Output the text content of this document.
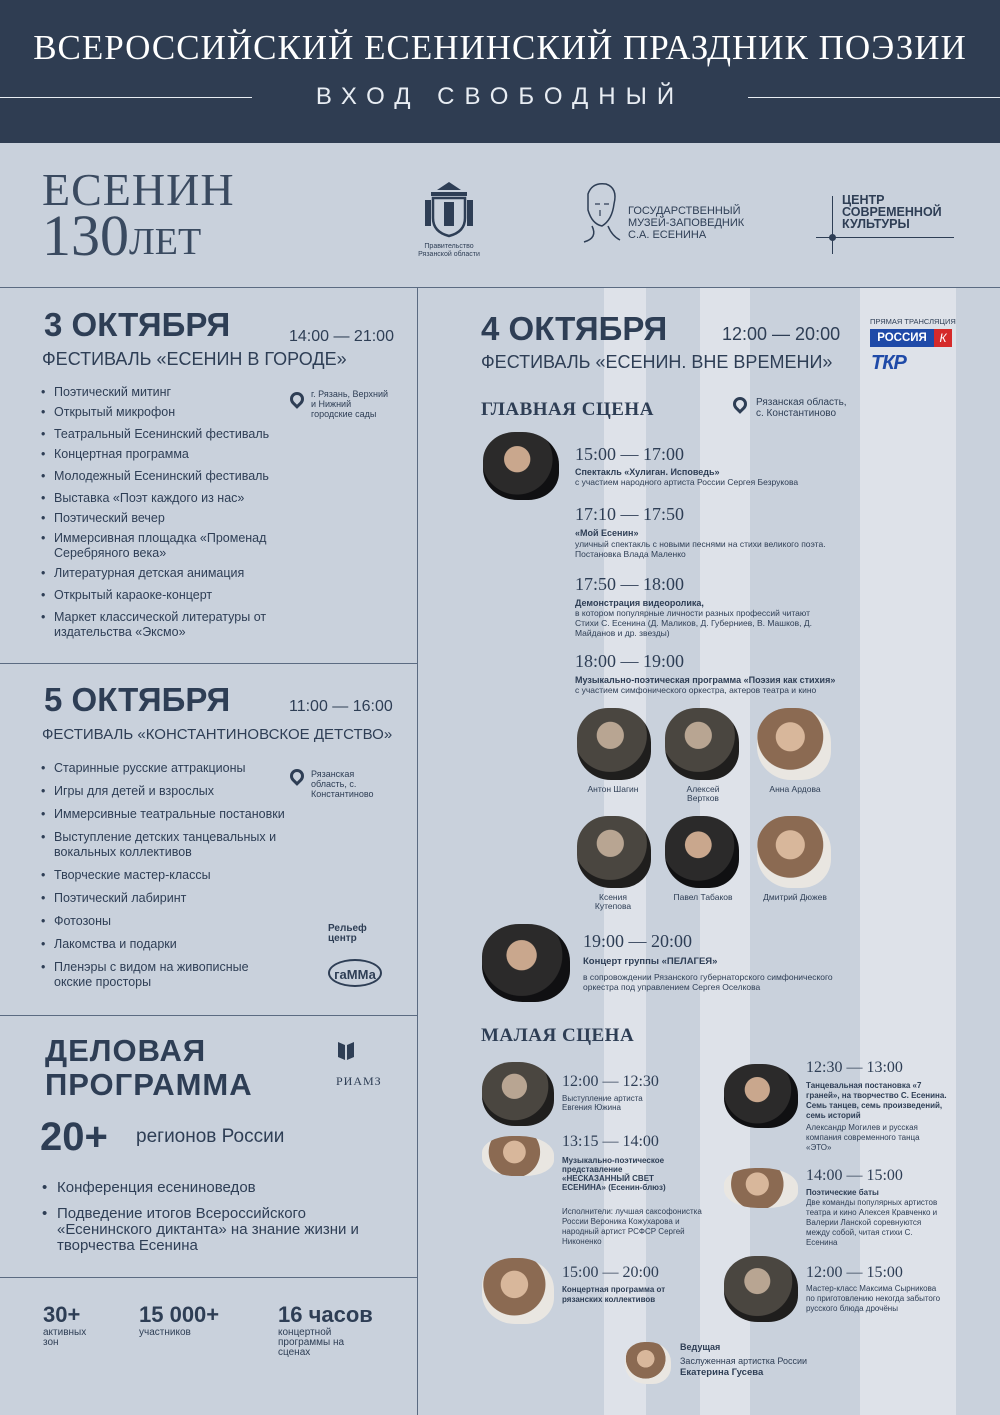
ВСЕРОССИЙСКИЙ ЕСЕНИНСКИЙ ПРАЗДНИК ПОЭЗИИ
ВХОД СВОБОДНЫЙ
ЕСЕНИН
130 ЛЕТ	Правительство Рязанской области
ГОСУДАРСТВЕННЫЙ
МУЗЕЙ-ЗАПОВЕДНИК
С.А. ЕСЕНИНА
ЦЕНТР
СОВРЕМЕННОЙ
КУЛЬТУРЫ
3 ОКТЯБРЯ	14:00 — 21:00
ФЕСТИВАЛЬ «ЕСЕНИН В ГОРОДЕ»
г. Рязань, Верхний и Нижний городские сады
• Поэтический митинг
• Открытый микрофон
• Театральный Есенинский фестиваль
• Концертная программа
• Молодежный Есенинский фестиваль
• Выставка «Поэт каждого из нас»
• Поэтический вечер
• Иммерсивная площадка «Променад Серебряного века»
• Литературная детская анимация
• Открытый караоке-концерт
• Маркет классической литературы от издательства «Эксмо»
5 ОКТЯБРЯ	11:00 — 16:00
ФЕСТИВАЛЬ «КОНСТАНТИНОВСКОЕ ДЕТСТВО»
Рязанская область, с. Константиново
• Старинные русские аттракционы
• Игры для детей и взрослых
• Иммерсивные театральные постановки
• Выступление детских танцевальных и вокальных коллективов
• Творческие мастер-классы
• Поэтический лабиринт
• Фотозоны
• Лакомства и подарки
• Пленэры с видом на живописные окские просторы
Рельеф центр
гаММа
ДЕЛОВАЯ
ПРОГРАММА	РИАМЗ
20+ регионов России
• Конференция есениноведов
• Подведение итогов Всероссийского «Есенинского диктанта» на знание жизни и творчества Есенина
30+
активных зон
15 000+
участников
16 часов
концертной программы на сценах
4 ОКТЯБРЯ	12:00 — 20:00
ФЕСТИВАЛЬ «ЕСЕНИН. ВНЕ ВРЕМЕНИ»
ПРЯМАЯ ТРАНСЛЯЦИЯ
РОССИЯ	К
ТКР
ГЛАВНАЯ СЦЕНА	Рязанская область, с. Константиново
15:00 — 17:00
Спектакль «Хулиган. Исповедь»
с участием народного артиста России Сергея Безрукова
17:10 — 17:50
«Мой Есенин»
уличный спектакль с новыми песнями на стихи великого поэта. Постановка Влада Маленко
17:50 — 18:00
Демонстрация видеоролика,
в котором популярные личности разных профессий читают Стихи С. Есенина (Д. Маликов, Д. Губерниев, В. Машков, Д. Майданов и др. звезды)
18:00 — 19:00
Музыкально-поэтическая программа «Поэзия как стихия»
с участием симфонического оркестра, актеров театра и кино
Антон Шагин	Алексей Вертков
Анна Ардова
Ксения Кутепова
Павел Табаков	Дмитрий Дюжев
19:00 — 20:00
Концерт группы «ПЕЛАГЕЯ»
в сопровождении Рязанского губернаторского симфонического оркестра под управлением Сергея Оселкова
МАЛАЯ СЦЕНА
12:00 — 12:30
Выступление артиста Евгения Южина
13:15 — 14:00
Музыкально-поэтическое представление «НЕСКАЗАННЫЙ СВЕТ ЕСЕНИНА» (Есенин-блюз)
Исполнители: лучшая саксофонистка России Вероника Кожухарова и народный артист РСФСР Сергей Никоненко
15:00 — 20:00
Концертная программа от рязанских коллективов
12:30 — 13:00
Танцевальная постановка «7 граней», на творчество С. Есенина. Семь танцев, семь произведений, семь историй
Александр Могилев и русская компания современного танца «ЭТО»
14:00 — 15:00
Поэтические баты
Две команды популярных артистов театра и кино Алексея Кравченко и Валерии Ланской соревнуются между собой, читая стихи С. Есенина
12:00 — 15:00
Мастер-класс Максима Сырникова по приготовлению некогда забытого русского блюда дрочёны
Ведущая
Заслуженная артистка России
Екатерина Гусева
